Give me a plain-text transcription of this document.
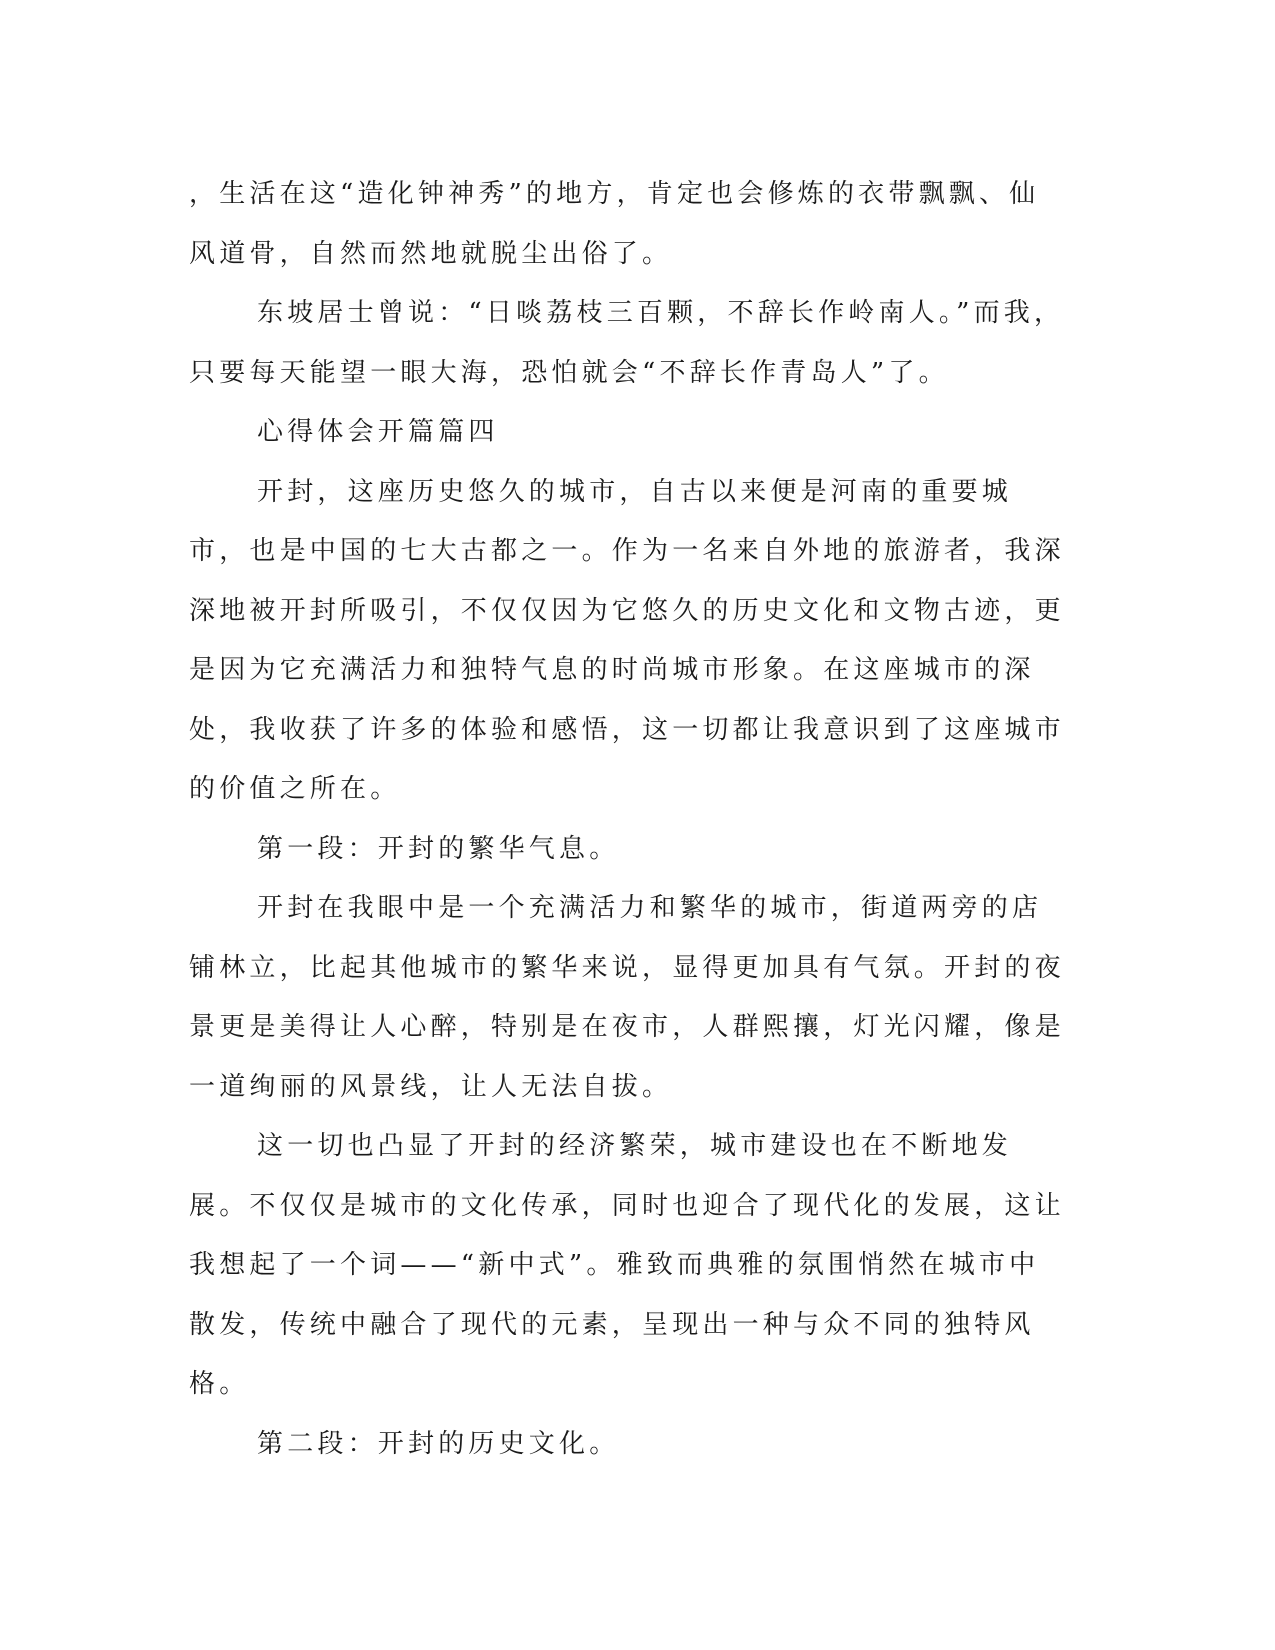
，生活在这“造化钟神秀”的地方，肯定也会修炼的衣带飘飘、仙风道骨，自然而然地就脱尘出俗了。

东坡居士曾说：“日啖荔枝三百颗，不辞长作岭南人。”而我，只要每天能望一眼大海，恐怕就会“不辞长作青岛人”了。

心得体会开篇篇四

开封，这座历史悠久的城市，自古以来便是河南的重要城市，也是中国的七大古都之一。作为一名来自外地的旅游者，我深深地被开封所吸引，不仅仅因为它悠久的历史文化和文物古迹，更是因为它充满活力和独特气息的时尚城市形象。在这座城市的深处，我收获了许多的体验和感悟，这一切都让我意识到了这座城市的价值之所在。

第一段：开封的繁华气息。

开封在我眼中是一个充满活力和繁华的城市，街道两旁的店铺林立，比起其他城市的繁华来说，显得更加具有气氛。开封的夜景更是美得让人心醉，特别是在夜市，人群熙攘，灯光闪耀，像是一道绚丽的风景线，让人无法自拔。

这一切也凸显了开封的经济繁荣，城市建设也在不断地发展。不仅仅是城市的文化传承，同时也迎合了现代化的发展，这让我想起了一个词——“新中式”。雅致而典雅的氛围悄然在城市中散发，传统中融合了现代的元素，呈现出一种与众不同的独特风格。

第二段：开封的历史文化。
